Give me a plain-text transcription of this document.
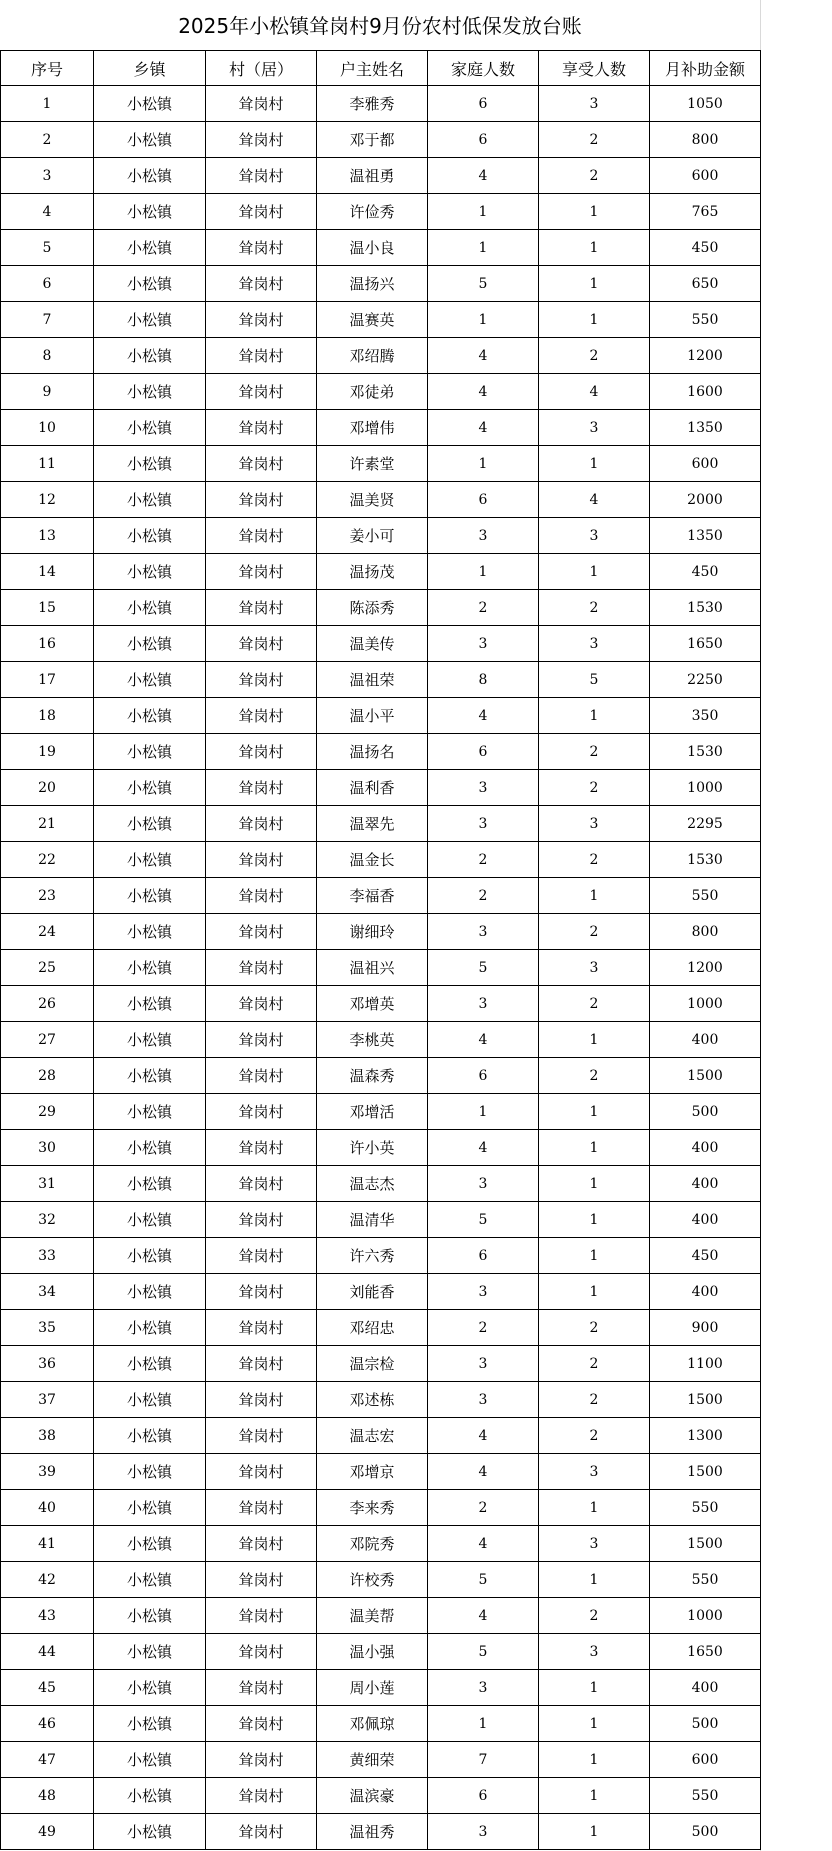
2025年小松镇耸岗村9月份农村低保发放台账
序号	乡镇	村（居）	户主姓名	家庭人数	享受人数	月补助金额
1	小松镇	耸岗村	李雅秀	6	3	1050
2	小松镇	耸岗村	邓于都	6	2	800
3	小松镇	耸岗村	温祖勇	4	2	600
4	小松镇	耸岗村	许俭秀	1	1	765
5	小松镇	耸岗村	温小良	1	1	450
6	小松镇	耸岗村	温扬兴	5	1	650
7	小松镇	耸岗村	温赛英	1	1	550
8	小松镇	耸岗村	邓绍腾	4	2	1200
9	小松镇	耸岗村	邓徒弟	4	4	1600
10	小松镇	耸岗村	邓增伟	4	3	1350
11	小松镇	耸岗村	许素堂	1	1	600
12	小松镇	耸岗村	温美贤	6	4	2000
13	小松镇	耸岗村	姜小可	3	3	1350
14	小松镇	耸岗村	温扬茂	1	1	450
15	小松镇	耸岗村	陈添秀	2	2	1530
16	小松镇	耸岗村	温美传	3	3	1650
17	小松镇	耸岗村	温祖荣	8	5	2250
18	小松镇	耸岗村	温小平	4	1	350
19	小松镇	耸岗村	温扬名	6	2	1530
20	小松镇	耸岗村	温利香	3	2	1000
21	小松镇	耸岗村	温翠先	3	3	2295
22	小松镇	耸岗村	温金长	2	2	1530
23	小松镇	耸岗村	李福香	2	1	550
24	小松镇	耸岗村	谢细玲	3	2	800
25	小松镇	耸岗村	温祖兴	5	3	1200
26	小松镇	耸岗村	邓增英	3	2	1000
27	小松镇	耸岗村	李桃英	4	1	400
28	小松镇	耸岗村	温森秀	6	2	1500
29	小松镇	耸岗村	邓增活	1	1	500
30	小松镇	耸岗村	许小英	4	1	400
31	小松镇	耸岗村	温志杰	3	1	400
32	小松镇	耸岗村	温清华	5	1	400
33	小松镇	耸岗村	许六秀	6	1	450
34	小松镇	耸岗村	刘能香	3	1	400
35	小松镇	耸岗村	邓绍忠	2	2	900
36	小松镇	耸岗村	温宗检	3	2	1100
37	小松镇	耸岗村	邓述栋	3	2	1500
38	小松镇	耸岗村	温志宏	4	2	1300
39	小松镇	耸岗村	邓增京	4	3	1500
40	小松镇	耸岗村	李来秀	2	1	550
41	小松镇	耸岗村	邓院秀	4	3	1500
42	小松镇	耸岗村	许校秀	5	1	550
43	小松镇	耸岗村	温美帮	4	2	1000
44	小松镇	耸岗村	温小强	5	3	1650
45	小松镇	耸岗村	周小莲	3	1	400
46	小松镇	耸岗村	邓佩琼	1	1	500
47	小松镇	耸岗村	黄细荣	7	1	600
48	小松镇	耸岗村	温滨豪	6	1	550
49	小松镇	耸岗村	温祖秀	3	1	500
